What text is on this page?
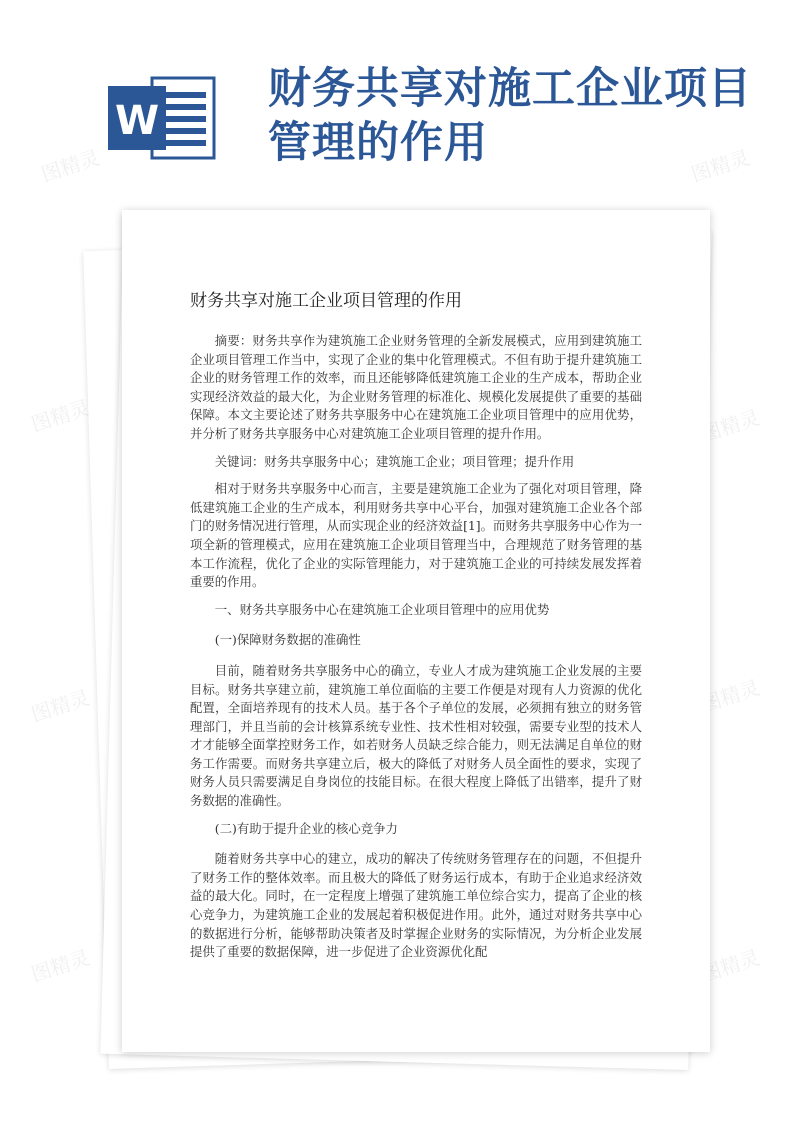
图精灵	图精灵
图精灵	图精灵
图精灵	图精灵
图精灵	图精灵
W
财务共享对施工企业项目管理的作用
财务共享对施工企业项目管理的作用

摘要：财务共享作为建筑施工企业财务管理的全新发展模式，应用到建筑施工企业项目管理工作当中，实现了企业的集中化管理模式。不但有助于提升建筑施工企业的财务管理工作的效率，而且还能够降低建筑施工企业的生产成本，帮助企业实现经济效益的最大化，为企业财务管理的标准化、规模化发展提供了重要的基础保障。本文主要论述了财务共享服务中心在建筑施工企业项目管理中的应用优势，并分析了财务共享服务中心对建筑施工企业项目管理的提升作用。

关键词：财务共享服务中心；建筑施工企业；项目管理；提升作用

相对于财务共享服务中心而言，主要是建筑施工企业为了强化对项目管理，降低建筑施工企业的生产成本，利用财务共享中心平台，加强对建筑施工企业各个部门的财务情况进行管理，从而实现企业的经济效益[1]。而财务共享服务中心作为一项全新的管理模式，应用在建筑施工企业项目管理当中，合理规范了财务管理的基本工作流程，优化了企业的实际管理能力，对于建筑施工企业的可持续发展发挥着重要的作用。

一、财务共享服务中心在建筑施工企业项目管理中的应用优势

(一)保障财务数据的准确性

目前，随着财务共享服务中心的确立，专业人才成为建筑施工企业发展的主要目标。财务共享建立前，建筑施工单位面临的主要工作便是对现有人力资源的优化配置，全面培养现有的技术人员。基于各个子单位的发展，必须拥有独立的财务管理部门，并且当前的会计核算系统专业性、技术性相对较强，需要专业型的技术人才才能够全面掌控财务工作，如若财务人员缺乏综合能力，则无法满足自单位的财务工作需要。而财务共享建立后，极大的降低了对财务人员全面性的要求，实现了财务人员只需要满足自身岗位的技能目标。在很大程度上降低了出错率，提升了财务数据的准确性。

(二)有助于提升企业的核心竞争力

随着财务共享中心的建立，成功的解决了传统财务管理存在的问题，不但提升了财务工作的整体效率。而且极大的降低了财务运行成本，有助于企业追求经济效益的最大化。同时，在一定程度上增强了建筑施工单位综合实力，提高了企业的核心竞争力，为建筑施工企业的发展起着积极促进作用。此外，通过对财务共享中心的数据进行分析，能够帮助决策者及时掌握企业财务的实际情况，为分析企业发展提供了重要的数据保障，进一步促进了企业资源优化配
